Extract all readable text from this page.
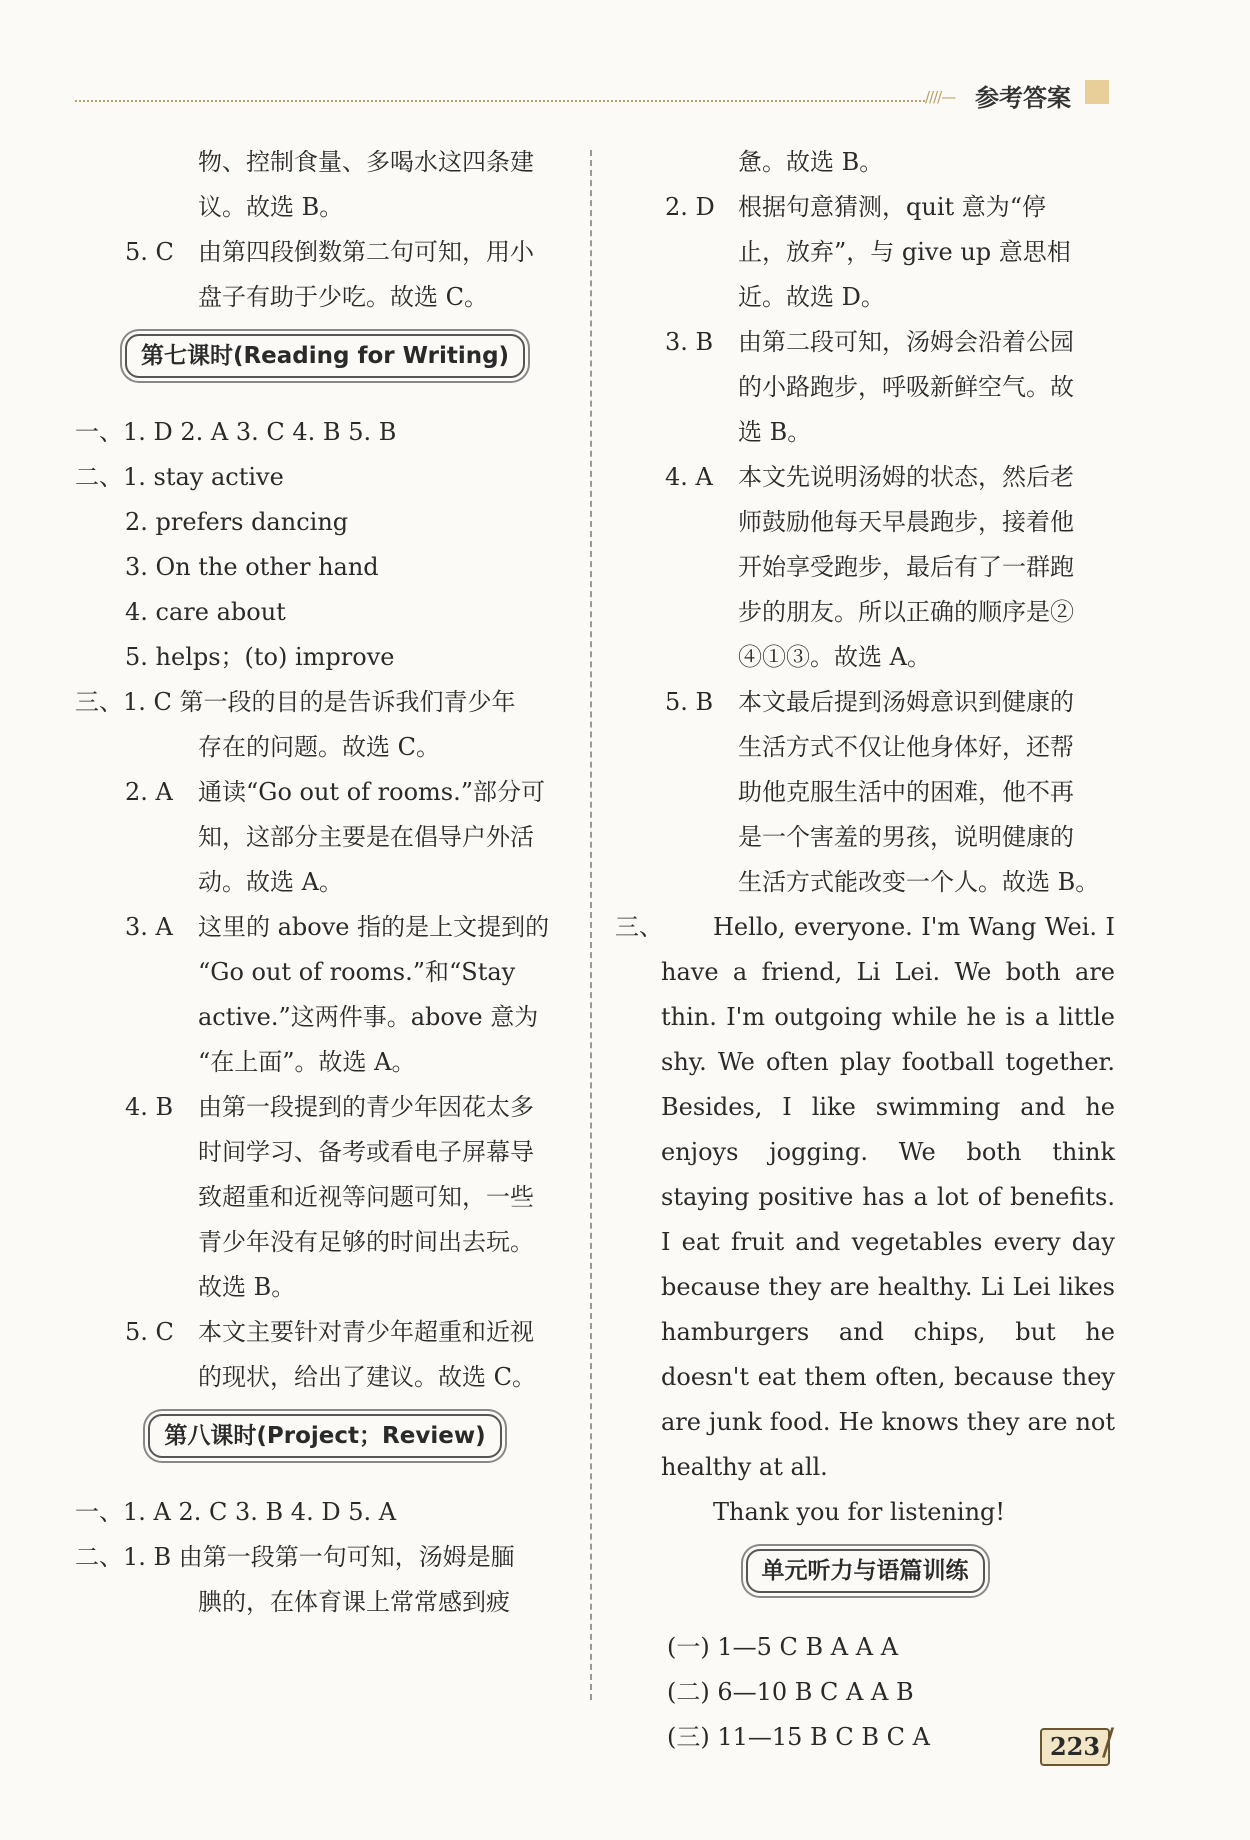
////— 参考答案
物、控制食量、多喝水这四条建
议。故选 B。
5. C 由第四段倒数第二句可知，用小
盘子有助于少吃。故选 C。
第七课时(Reading for Writing)
一、1. D 2. A 3. C 4. B 5. B
二、1. stay active
2. prefers dancing
3. On the other hand
4. care about
5. helps；(to) improve
三、1. C 第一段的目的是告诉我们青少年
存在的问题。故选 C。
2. A 通读“Go out of rooms.”部分可
知，这部分主要是在倡导户外活
动。故选 A。
3. A 这里的 above 指的是上文提到的
“Go out of rooms.”和“Stay
active.”这两件事。above 意为
“在上面”。故选 A。
4. B 由第一段提到的青少年因花太多
时间学习、备考或看电子屏幕导
致超重和近视等问题可知，一些
青少年没有足够的时间出去玩。
故选 B。
5. C 本文主要针对青少年超重和近视
的现状，给出了建议。故选 C。
第八课时(Project；Review)
一、1. A 2. C 3. B 4. D 5. A
二、1. B 由第一段第一句可知，汤姆是腼
腆的，在体育课上常常感到疲
惫。故选 B。
2. D 根据句意猜测，quit 意为“停
止，放弃”，与 give up 意思相
近。故选 D。
3. B 由第二段可知，汤姆会沿着公园
的小路跑步，呼吸新鲜空气。故
选 B。
4. A 本文先说明汤姆的状态，然后老
师鼓励他每天早晨跑步，接着他
开始享受跑步，最后有了一群跑
步的朋友。所以正确的顺序是②
④①③。故选 A。
5. B 本文最后提到汤姆意识到健康的
生活方式不仅让他身体好，还帮
助他克服生活中的困难，他不再
是一个害羞的男孩，说明健康的
生活方式能改变一个人。故选 B。
三、	Hello, everyone. I'm Wang Wei. I have a friend, Li Lei. We both are thin. I'm outgoing while he is a little shy. We often play football together. Besides, I like swimming and he enjoys jogging. We both think staying positive has a lot of benefits. I eat fruit and vegetables every day because they are healthy. Li Lei likes hamburgers and chips, but he doesn't eat them often, because they are junk food. He knows they are not healthy at all.
Thank you for listening!
单元听力与语篇训练
(一) 1—5 C B A A A
(二) 6—10 B C A A B
(三) 11—15 B C B C A	223 /
